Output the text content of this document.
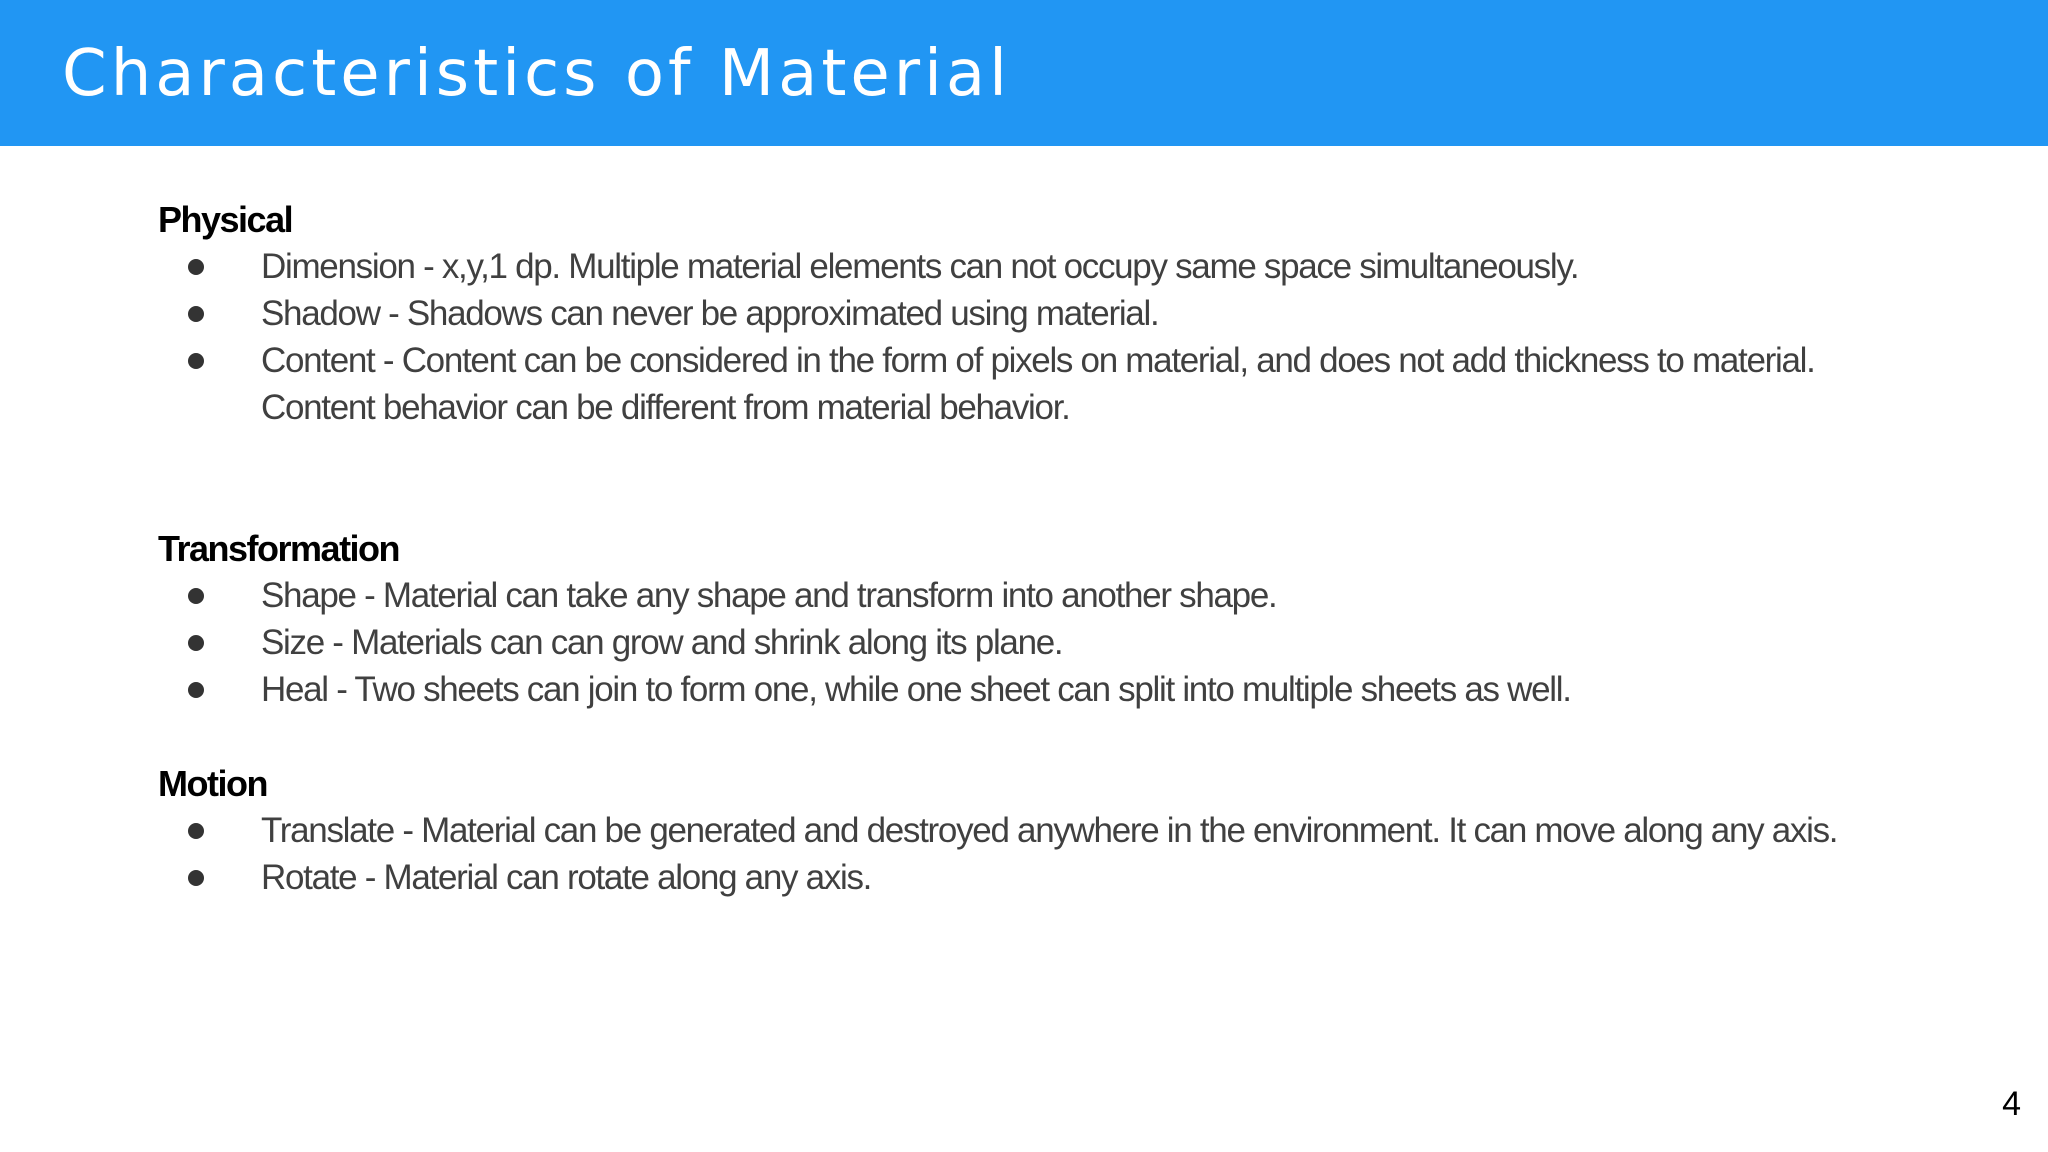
Characteristics of Material
Physical
Dimension - x,y,1 dp. Multiple material elements can not occupy same space simultaneously.
Shadow - Shadows can never be approximated using material.
Content - Content can be considered in the form of pixels on material, and does not add thickness to material. Content behavior can be different from material behavior.
Transformation
Shape - Material can take any shape and transform into another shape.
Size - Materials can can grow and shrink along its plane.
Heal - Two sheets can join to form one, while one sheet can split into multiple sheets as well.
Motion
Translate - Material can be generated and destroyed anywhere in the environment. It can move along any axis.
Rotate - Material can rotate along any axis.
4
